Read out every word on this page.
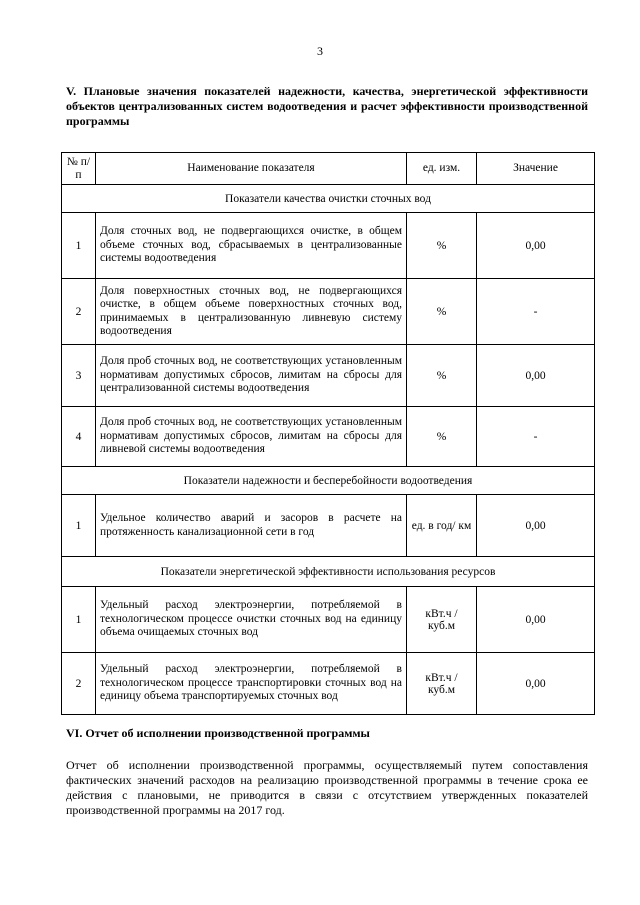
3
V. Плановые значения показателей надежности, качества, энергетической эффективности объектов централизованных систем водоотведения и расчет эффективности производственной программы
№ п/п	Наименование показателя	ед. изм.	Значение
Показатели качества очистки сточных вод			
1	Доля сточных вод, не подвергающихся очистке, в общем объеме сточных вод, сбрасываемых в централизованные системы водоотведения	%	0,00
2	Доля поверхностных сточных вод, не подвергающихся очистке, в общем объеме поверхностных сточных вод, принимаемых в централизованную ливневую систему водоотведения	%	-
3	Доля проб сточных вод, не соответствующих установленным нормативам допустимых сбросов, лимитам на сбросы для централизованной системы водоотведения	%	0,00
4	Доля проб сточных вод, не соответствующих установленным нормативам допустимых сбросов, лимитам на сбросы для ливневой системы водоотведения	%	-
Показатели надежности и бесперебойности водоотведения			
1	Удельное количество аварий и засоров в расчете на протяженность канализационной сети в год	ед. в год/ км	0,00
Показатели энергетической эффективности использования ресурсов			
1	Удельный расход электроэнергии, потребляемой в технологическом процессе очистки сточных вод на единицу объема очищаемых сточных вод	кВт.ч / куб.м	0,00
2	Удельный расход электроэнергии, потребляемой в технологическом процессе транспортировки сточных вод на единицу объема транспортируемых сточных вод	кВт.ч / куб.м	0,00
VI. Отчет об исполнении производственной программы
Отчет об исполнении производственной программы, осуществляемый путем сопоставления фактических значений расходов на реализацию производственной программы в течение срока ее действия с плановыми, не приводится в связи с отсутствием утвержденных показателей производственной программы на 2017 год.
